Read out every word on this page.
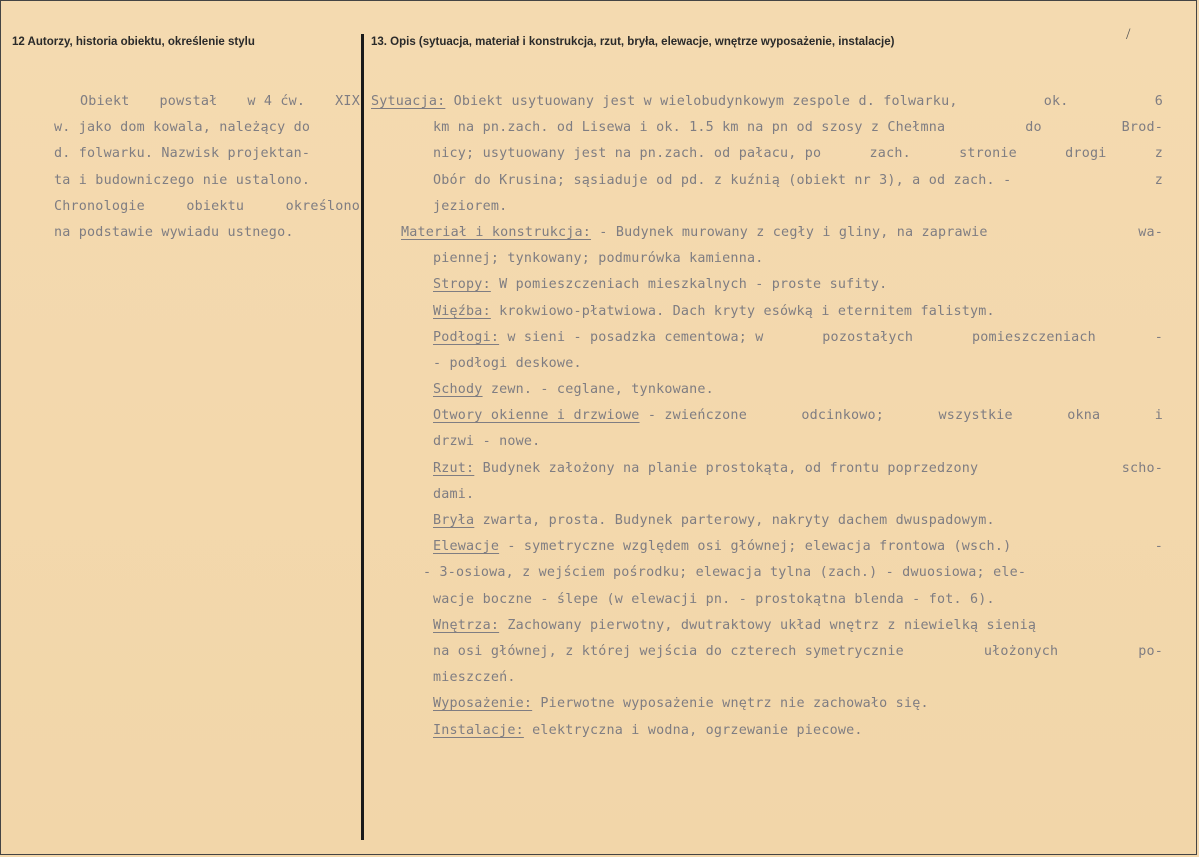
12 Autorzy, historia obiektu, określenie stylu	13. Opis (sytuacja, materiał i konstrukcja, rzut, bryła, elewacje, wnętrze wyposażenie, instalacje)	/
Obiekt powstał w 4 ćw. XIX
w. jako dom kowala, należący do
d. folwarku. Nazwisk projektan-
ta i budowniczego nie ustalono.
Chronologie	obiektu	określono
na podstawie wywiadu ustnego.
Sytuacja: Obiekt usytuowany jest w wielobudynkowym zespole d. folwarku,	ok.	6
km na pn.zach. od Lisewa i ok. 1.5 km na pn od szosy z Chełmna	do	Brod-
nicy; usytuowany jest na pn.zach. od pałacu, po	zach.	stronie	drogi	z
Obór do Krusina; sąsiaduje od pd. z kuźnią (obiekt nr 3), a od zach. -	z
jeziorem.
Materiał i konstrukcja: - Budynek murowany z cegły i gliny, na zaprawie	wa-
piennej; tynkowany; podmurówka kamienna.
Stropy: W pomieszczeniach mieszkalnych - proste sufity.
Więźba: krokwiowo-płatwiowa. Dach kryty esówką i eternitem falistym.
Podłogi: w sieni - posadzka cementowa; w	pozostałych	pomieszczeniach	-
- podłogi deskowe.
Schody zewn. - ceglane, tynkowane.
Otwory okienne i drzwiowe - zwieńczone	odcinkowo;	wszystkie	okna	i
drzwi - nowe.
Rzut: Budynek założony na planie prostokąta, od frontu poprzedzony	scho-
dami.
Bryła zwarta, prosta. Budynek parterowy, nakryty dachem dwuspadowym.
Elewacje - symetryczne względem osi głównej; elewacja frontowa (wsch.)	-
- 3-osiowa, z wejściem pośrodku; elewacja tylna (zach.) - dwuosiowa; ele-
wacje boczne - ślepe (w elewacji pn. - prostokątna blenda - fot. 6).
Wnętrza: Zachowany pierwotny, dwutraktowy układ wnętrz z niewielką sienią
na osi głównej, z której wejścia do czterech symetrycznie	ułożonych	po-
mieszczeń.
Wyposażenie: Pierwotne wyposażenie wnętrz nie zachowało się.
Instalacje: elektryczna i wodna, ogrzewanie piecowe.
